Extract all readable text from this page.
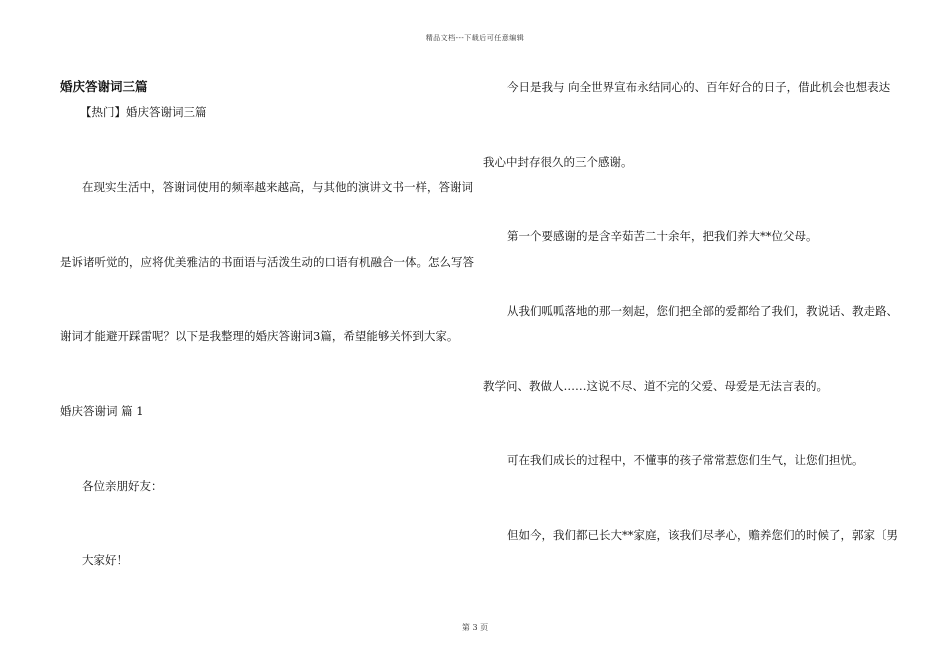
精品文档---下载后可任意编辑
婚庆答谢词三篇
【热门】婚庆答谢词三篇
在现实生活中，答谢词使用的频率越来越高，与其他的演讲文书一样，答谢词
是诉诸听觉的，应将优美雅洁的书面语与活泼生动的口语有机融合一体。怎么写答
谢词才能避开踩雷呢？以下是我整理的婚庆答谢词3篇，希望能够关怀到大家。
婚庆答谢词 篇 1
各位亲朋好友：
大家好！
今日是我与 向全世界宣布永结同心的、百年好合的日子，借此机会也想表达
我心中封存很久的三个感谢。
第一个要感谢的是含辛茹苦二十余年，把我们养大**位父母。
从我们呱呱落地的那一刻起，您们把全部的爱都给了我们，教说话、教走路、
教学问、教做人……这说不尽、道不完的父爱、母爱是无法言表的。
可在我们成长的过程中，不懂事的孩子常常惹您们生气，让您们担忧。
但如今，我们都已长大**家庭，该我们尽孝心，赡养您们的时候了，郭家〔男
第 3 页
